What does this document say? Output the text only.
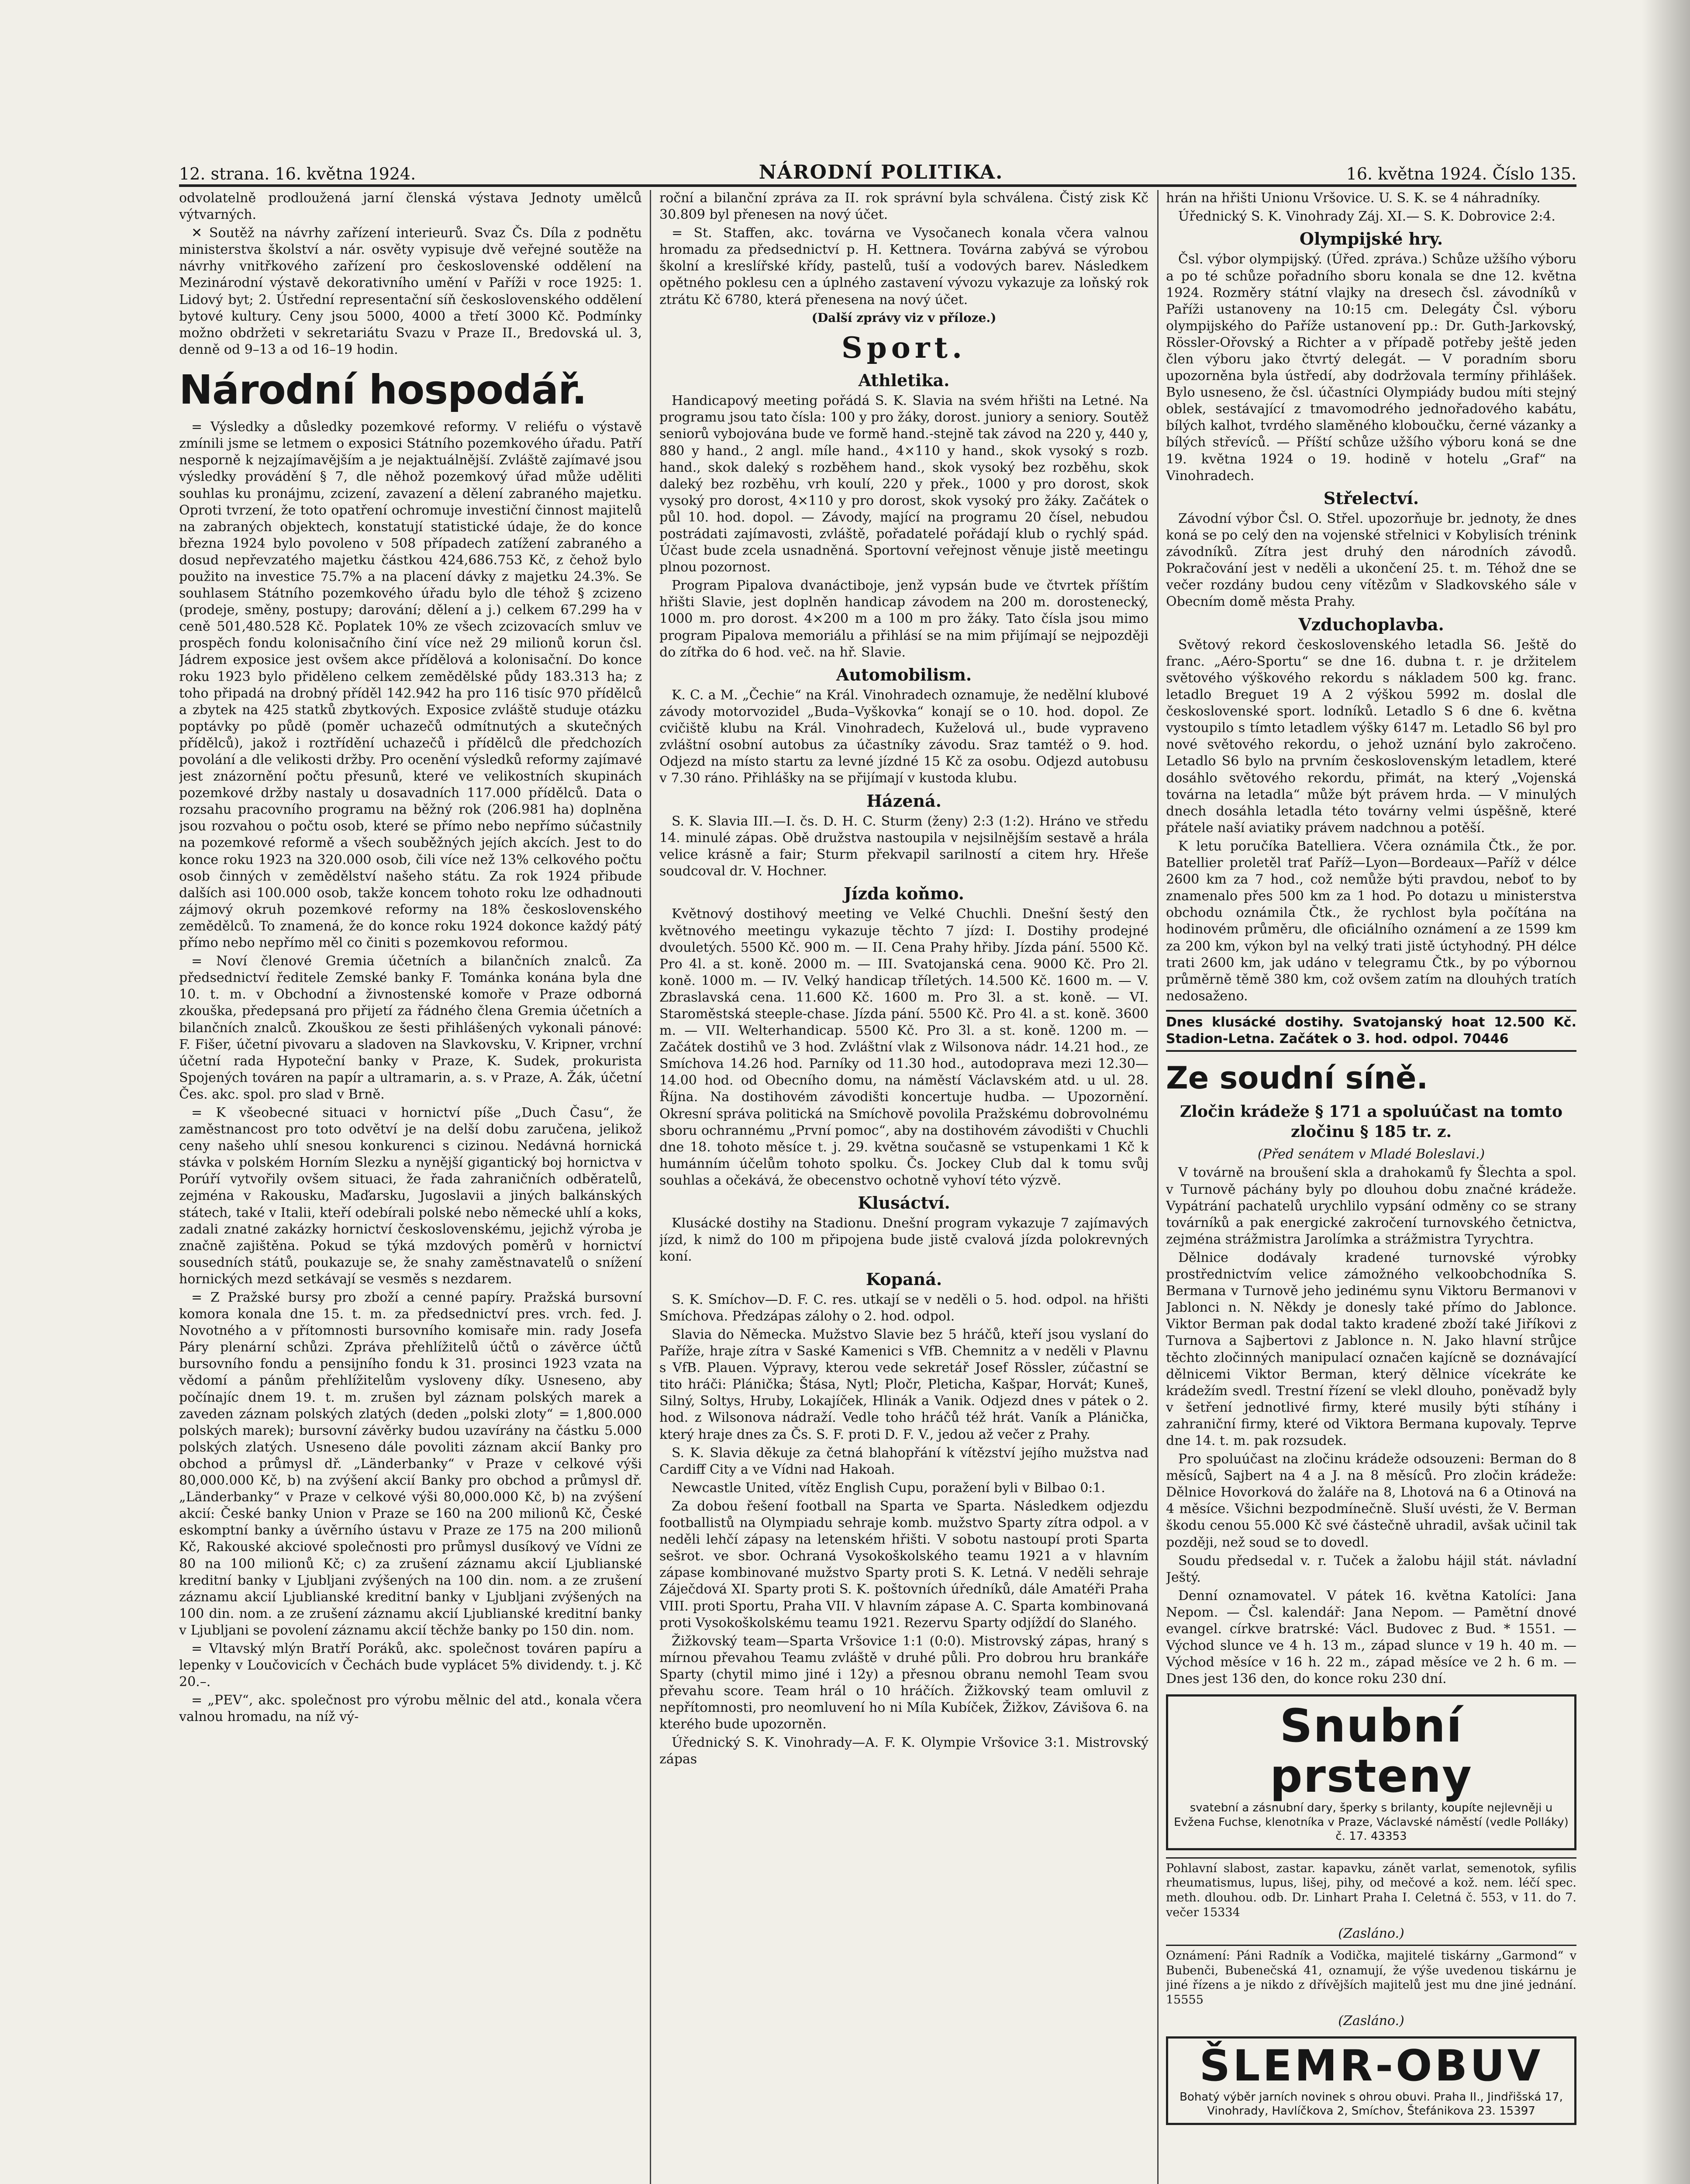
12. strana. 16. května 1924.	NÁRODNÍ POLITIKA.	16. května 1924. Číslo 135.

odvolatelně prodloužená jarní členská výstava Jednoty umělců výtvarných.

✕ Soutěž na návrhy zařízení interieurů. Svaz Čs. Díla z podnětu ministerstva školství a nár. osvěty vypisuje dvě veřejné soutěže na návrhy vnitřkového zařízení pro československé oddělení na Mezinárodní výstavě dekorativního umění v Paříži v roce 1925: 1. Lidový byt; 2. Ústřední representační síň československého oddělení bytové kultury. Ceny jsou 5000, 4000 a třetí 3000 Kč. Podmínky možno obdržeti v sekretariátu Svazu v Praze II., Bredovská ul. 3, denně od 9–13 a od 16–19 hodin.

Národní hospodář.

= Výsledky a důsledky pozemkové reformy. V reliéfu o výstavě zmínili jsme se letmem o exposici Státního pozemkového úřadu. Patří nesporně k nejzajímavějším a je nejaktuálnější. Zvláště zajímavé jsou výsledky provádění § 7, dle něhož pozemkový úřad může uděliti souhlas ku pronájmu, zcizení, zavazení a dělení zabraného majetku. Oproti tvrzení, že toto opatření ochromuje investiční činnost majitelů na zabraných objektech, konstatují statistické údaje, že do konce března 1924 bylo povoleno v 508 případech zatížení zabraného a dosud nepřevzatého majetku částkou 424,686.753 Kč, z čehož bylo použito na investice 75.7% a na placení dávky z majetku 24.3%. Se souhlasem Státního pozemkového úřadu bylo dle téhož § zcizeno (prodeje, směny, postupy; darování; dělení a j.) celkem 67.299 ha v ceně 501,480.528 Kč. Poplatek 10% ze všech zcizovacích smluv ve prospěch fondu kolonisačního činí více než 29 milionů korun čsl. Jádrem exposice jest ovšem akce přídělová a kolonisační. Do konce roku 1923 bylo přiděleno celkem zemědělské půdy 183.313 ha; z toho připadá na drobný příděl 142.942 ha pro 116 tisíc 970 přídělců a zbytek na 425 statků zbytkových. Exposice zvláště studuje otázku poptávky po půdě (poměr uchazečů odmítnutých a skutečných přídělců), jakož i roztřídění uchazečů i přídělců dle předchozích povolání a dle velikosti držby. Pro ocenění výsledků reformy zajímavé jest znázornění počtu přesunů, které ve velikostních skupinách pozemkové držby nastaly u dosavadních 117.000 přídělců. Data o rozsahu pracovního programu na běžný rok (206.981 ha) doplněna jsou rozvahou o počtu osob, které se přímo nebo nepřímo súčastnily na pozemkové reformě a všech souběžných jejích akcích. Jest to do konce roku 1923 na 320.000 osob, čili více než 13% celkového počtu osob činných v zemědělství našeho státu. Za rok 1924 přibude dalších asi 100.000 osob, takže koncem tohoto roku lze odhadnouti zájmový okruh pozemkové reformy na 18% československého zemědělců. To znamená, že do konce roku 1924 dokonce každý pátý přímo nebo nepřímo měl co činiti s pozemkovou reformou.

= Noví členové Gremia účetních a bilančních znalců. Za předsednictví ředitele Zemské banky F. Tománka konána byla dne 10. t. m. v Obchodní a živnostenské komoře v Praze odborná zkouška, předepsaná pro přijetí za řádného člena Gremia účetních a bilančních znalců. Zkouškou ze šesti přihlášených vykonali pánové: F. Fišer, účetní pivovaru a sladoven na Slavkovsku, V. Kripner, vrchní účetní rada Hypoteční banky v Praze, K. Sudek, prokurista Spojených továren na papír a ultramarin, a. s. v Praze, A. Žák, účetní Čes. akc. spol. pro slad v Brně.

= K všeobecné situaci v hornictví píše „Duch Času“, že zaměstnancost pro toto odvětví je na delší dobu zaručena, jelikož ceny našeho uhlí snesou konkurenci s cizinou. Nedávná hornická stávka v polském Horním Slezku a nynější gigantický boj hornictva v Porúří vytvořily ovšem situaci, že řada zahraničních odběratelů, zejména v Rakousku, Maďarsku, Jugoslavii a jiných balkánských státech, také v Italii, kteří odebírali polské nebo německé uhlí a koks, zadali znatné zakázky hornictví československému, jejichž výroba je značně zajištěna. Pokud se týká mzdových poměrů v hornictví sousedních států, poukazuje se, že snahy zaměstnavatelů o snížení hornických mezd setkávají se vesměs s nezdarem.

= Z Pražské bursy pro zboží a cenné papíry. Pražská bursovní komora konala dne 15. t. m. za předsednictví pres. vrch. fed. J. Novotného a v přítomnosti bursovního komisaře min. rady Josefa Páry plenární schůzi. Zpráva přehlížitelů účtů o závěrce účtů bursovního fondu a pensijního fondu k 31. prosinci 1923 vzata na vědomí a pánům přehlížitelům vysloveny díky. Usneseno, aby počínajíc dnem 19. t. m. zrušen byl záznam polských marek a zaveden záznam polských zlatých (deden „polski zloty“ = 1,800.000 polských marek); bursovní závěrky budou uzavírány na částku 5.000 polských zlatých. Usneseno dále povoliti záznam akcií Banky pro obchod a průmysl dř. „Länderbanky“ v Praze v celkové výši 80,000.000 Kč, b) na zvýšení akcií Banky pro obchod a průmysl dř. „Länderbanky“ v Praze v celkové výši 80,000.000 Kč, b) na zvýšení akcií: České banky Union v Praze se 160 na 200 milionů Kč, České eskomptní banky a úvěrního ústavu v Praze ze 175 na 200 milionů Kč, Rakouské akciové společnosti pro průmysl dusíkový ve Vídni ze 80 na 100 milionů Kč; c) za zrušení záznamu akcií Ljublianské kreditní banky v Ljubljani zvýšených na 100 din. nom. a ze zrušení záznamu akcií Ljublianské kreditní banky v Ljubljani zvýšených na 100 din. nom. a ze zrušení záznamu akcií Ljublianské kreditní banky v Ljubljani se povolení záznamu akcií těchže banky po 150 din. nom.

= Vltavský mlýn Bratří Poráků, akc. společnost továren papíru a lepenky v Loučovicích v Čechách bude vyplácet 5% dividendy. t. j. Kč 20.–.

= „PEV“, akc. společnost pro výrobu mělnic del atd., konala včera valnou hromadu, na níž vý-

roční a bilanční zpráva za II. rok správní byla schválena. Čistý zisk Kč 30.809 byl přenesen na nový účet.

= St. Staffen, akc. továrna ve Vysočanech konala včera valnou hromadu za předsednictví p. H. Kettnera. Továrna zabývá se výrobou školní a kreslířské křídy, pastelů, tuší a vodových barev. Následkem opětného poklesu cen a úplného zastavení vývozu vykazuje za loňský rok ztrátu Kč 6780, která přenesena na nový účet.

(Další zprávy viz v příloze.)

Sport.
Athletika.

Handicapový meeting pořádá S. K. Slavia na svém hřišti na Letné. Na programu jsou tato čísla: 100 y pro žáky, dorost. juniory a seniory. Soutěž seniorů vybojována bude ve formě hand.-stejně tak závod na 220 y, 440 y, 880 y hand., 2 angl. míle hand., 4×110 y hand., skok vysoký s rozb. hand., skok daleký s rozběhem hand., skok vysoký bez rozběhu, skok daleký bez rozběhu, vrh koulí, 220 y přek., 1000 y pro dorost, skok vysoký pro dorost, 4×110 y pro dorost, skok vysoký pro žáky. Začátek o půl 10. hod. dopol. — Závody, mající na programu 20 čísel, nebudou postrádati zajímavosti, zvláště, pořadatelé pořádají klub o rychlý spád. Účast bude zcela usnadněná. Sportovní veřejnost věnuje jistě meetingu plnou pozornost.

Program Pipalova dvanáctiboje, jenž vypsán bude ve čtvrtek příštím hřišti Slavie, jest doplněn handicap závodem na 200 m. dorostenecký, 1000 m. pro dorost. 4×200 m a 100 m pro žáky. Tato čísla jsou mimo program Pipalova memoriálu a přihlásí se na mim přijímají se nejpozději do zítřka do 6 hod. več. na hř. Slavie.

Automobilism.

K. C. a M. „Čechie“ na Král. Vinohradech oznamuje, že nedělní klubové závody motorvozidel „Buda–Vyškovka“ konají se o 10. hod. dopol. Ze cvičiště klubu na Král. Vinohradech, Kuželová ul., bude vypraveno zvláštní osobní autobus za účastníky závodu. Sraz tamtéž o 9. hod. Odjezd na místo startu za levné jízdné 15 Kč za osobu. Odjezd autobusu v 7.30 ráno. Přihlášky na se přijímají v kustoda klubu.

Házená.

S. K. Slavia III.—I. čs. D. H. C. Sturm (ženy) 2:3 (1:2). Hráno ve středu 14. minulé zápas. Obě družstva nastoupila v nejsilnějším sestavě a hrála velice krásně a fair; Sturm překvapil sarilností a citem hry. Hřeše soudcoval dr. V. Hochner.

Jízda koňmo.

Květnový dostihový meeting ve Velké Chuchli. Dnešní šestý den květnového meetingu vykazuje těchto 7 jízd: I. Dostihy prodejné dvouletých. 5500 Kč. 900 m. — II. Cena Prahy hřiby. Jízda pání. 5500 Kč. Pro 4l. a st. koně. 2000 m. — III. Svatojanská cena. 9000 Kč. Pro 2l. koně. 1000 m. — IV. Velký handicap tříletých. 14.500 Kč. 1600 m. — V. Zbraslavská cena. 11.600 Kč. 1600 m. Pro 3l. a st. koně. — VI. Staroměstská steeple-chase. Jízda pání. 5500 Kč. Pro 4l. a st. koně. 3600 m. — VII. Welterhandicap. 5500 Kč. Pro 3l. a st. koně. 1200 m. — Začátek dostihů ve 3 hod. Zvláštní vlak z Wilsonova nádr. 14.21 hod., ze Smíchova 14.26 hod. Parníky od 11.30 hod., autodoprava mezi 12.30—14.00 hod. od Obecního domu, na náměstí Václavském atd. u ul. 28. Října. Na dostihovém závodišti koncertuje hudba. — Upozornění. Okresní správa politická na Smíchově povolila Pražskému dobrovolnému sboru ochrannému „První pomoc“, aby na dostihovém závodišti v Chuchli dne 18. tohoto měsíce t. j. 29. května současně se vstupenkami 1 Kč k humánním účelům tohoto spolku. Čs. Jockey Club dal k tomu svůj souhlas a očekává, že obecenstvo ochotně vyhoví této výzvě.

Klusáctví.

Klusácké dostihy na Stadionu. Dnešní program vykazuje 7 zajímavých jízd, k nimž do 100 m připojena bude jistě cvalová jízda polokrevných koní.

Kopaná.

S. K. Smíchov—D. F. C. res. utkají se v neděli o 5. hod. odpol. na hřišti Smíchova. Předzápas zálohy o 2. hod. odpol.

Slavia do Německa. Mužstvo Slavie bez 5 hráčů, kteří jsou vyslaní do Paříže, hraje zítra v Saské Kamenici s VfB. Chemnitz a v neděli v Plavnu s VfB. Plauen. Výpravy, kterou vede sekretář Josef Rössler, zúčastní se tito hráči: Plánička; Štása, Nytl; Pločr, Pleticha, Kašpar, Horvát; Kuneš, Silný, Soltys, Hruby, Lokajíček, Hlinák a Vanik. Odjezd dnes v pátek o 2. hod. z Wilsonova nádraží. Vedle toho hráčů též hrát. Vaník a Plánička, který hraje dnes za Čs. S. F. proti D. F. V., jedou až večer z Prahy.

S. K. Slavia děkuje za četná blahopřání k vítězství jejího mužstva nad Cardiff City a ve Vídni nad Hakoah.

Newcastle United, vítěz English Cupu, poražení byli v Bilbao 0:1.

Za dobou řešení football na Sparta ve Sparta. Následkem odjezdu footballistů na Olympiadu sehraje komb. mužstvo Sparty zítra odpol. a v neděli lehčí zápasy na letenském hřišti. V sobotu nastoupí proti Sparta sešrot. ve sbor. Ochraná Vysokoškolského teamu 1921 a v hlavním zápase kombinované mužstvo Sparty proti S. K. Letná. V neděli sehraje Záječdová XI. Sparty proti S. K. poštovních úředníků, dále Amatéři Praha VIII. proti Sportu, Praha VII. V hlavním zápase A. C. Sparta kombinovaná proti Vysokoškolskému teamu 1921. Rezervu Sparty odjíždí do Slaného.

Žižkovský team—Sparta Vršovice 1:1 (0:0). Mistrovský zápas, hraný s mírnou převahou Teamu zvláště v druhé půli. Pro dobrou hru brankáře Sparty (chytil mimo jiné i 12y) a přesnou obranu nemohl Team svou převahu score. Team hrál o 10 hráčích. Žižkovský team omluvil z nepřítomnosti, pro neomluvení ho ni Míla Kubíček, Žižkov, Závišova 6. na kterého bude upozorněn.

Úřednický S. K. Vinohrady—A. F. K. Olympie Vršovice 3:1. Mistrovský zápas

hrán na hřišti Unionu Vršovice. U. S. K. se 4 náhradníky.

Úřednický S. K. Vinohrady Záj. XI.— S. K. Dobrovice 2:4.

Olympijské hry.

Čsl. výbor olympijský. (Úřed. zpráva.) Schůze užšího výboru a po té schůze pořadního sboru konala se dne 12. května 1924. Rozměry státní vlajky na dresech čsl. závodníků v Paříži ustanoveny na 10:15 cm. Delegáty Čsl. výboru olympijského do Paříže ustanovení pp.: Dr. Guth-Jarkovský, Rössler-Ořovský a Richter a v případě potřeby ještě jeden člen výboru jako čtvrtý delegát. — V poradním sboru upozorněna byla ústředí, aby dodržovala termíny přihlášek. Bylo usneseno, že čsl. účastníci Olympiády budou míti stejný oblek, sestávající z tmavomodrého jednořadového kabátu, bílých kalhot, tvrdého slaměného kloboučku, černé vázanky a bílých střevíců. — Příští schůze užšího výboru koná se dne 19. května 1924 o 19. hodině v hotelu „Graf“ na Vinohradech.

Střelectví.

Závodní výbor Čsl. O. Střel. upozorňuje br. jednoty, že dnes koná se po celý den na vojenské střelnici v Kobylisích trénink závodníků. Zítra jest druhý den národních závodů. Pokračování jest v neděli a ukončení 25. t. m. Téhož dne se večer rozdány budou ceny vítězům v Sladkovského sále v Obecním domě města Prahy.

Vzduchoplavba.

Světový rekord československého letadla S6. Ještě do franc. „Aéro-Sportu“ se dne 16. dubna t. r. je držitelem světového výškového rekordu s nákladem 500 kg. franc. letadlo Breguet 19 A 2 výškou 5992 m. doslal dle československé sport. lodníků. Letadlo S 6 dne 6. května vystoupilo s tímto letadlem výšky 6147 m. Letadlo S6 byl pro nové světového rekordu, o jehož uznání bylo zakročeno. Letadlo S6 bylo na prvním československým letadlem, které dosáhlo světového rekordu, přimát, na který „Vojenská továrna na letadla“ může být právem hrda. — V minulých dnech dosáhla letadla této továrny velmi úspěšně, které přátele naší aviatiky právem nadchnou a potěší.

K letu poručíka Batelliera. Včera oznámila Čtk., že por. Batellier proletěl trať Paříž—Lyon—Bordeaux—Paříž v délce 2600 km za 7 hod., což nemůže býti pravdou, neboť to by znamenalo přes 500 km za 1 hod. Po dotazu u ministerstva obchodu oznámila Čtk., že rychlost byla počítána na hodinovém průměru, dle oficiálního oznámení a ze 1599 km za 200 km, výkon byl na velký trati jistě úctyhodný. PH délce trati 2600 km, jak udáno v telegramu Čtk., by po výbornou průměrně těmě 380 km, což ovšem zatím na dlouhých tratích nedosaženo.

Dnes klusácké dostihy. Svatojanský hoat 12.500 Kč. Stadion-Letna. Začátek o 3. hod. odpol. 70446
Ze soudní síně.
Zločin krádeže § 171 a spoluúčast na tomto zločinu § 185 tr. z.

(Před senátem v Mladé Boleslavi.)

V továrně na broušení skla a drahokamů fy Šlechta a spol. v Turnově páchány byly po dlouhou dobu značné krádeže. Vypátrání pachatelů urychlilo vypsání odměny co se strany továrníků a pak energické zakročení turnovského četnictva, zejména strážmistra Jarolímka a strážmistra Tyrychtra.

Dělnice dodávaly kradené turnovské výrobky prostřednictvím velice zámožného velkoobchodníka S. Bermana v Turnově jeho jedinému synu Viktoru Bermanovi v Jablonci n. N. Někdy je donesly také přímo do Jablonce. Viktor Berman pak dodal takto kradené zboží také Jiříkovi z Turnova a Sajbertovi z Jablonce n. N. Jako hlavní strůjce těchto zločinných manipulací označen kajícně se doznávající dělnicemi Viktor Berman, který dělnice vícekráte ke krádežím svedl. Trestní řízení se vlekl dlouho, poněvadž byly v šetření jednotlivé firmy, které musily býti stíhány i zahraniční firmy, které od Viktora Bermana kupovaly. Teprve dne 14. t. m. pak rozsudek.

Pro spoluúčast na zločinu krádeže odsouzeni: Berman do 8 měsíců, Sajbert na 4 a J. na 8 měsíců. Pro zločin krádeže: Dělnice Hovorková do žaláře na 8, Lhotová na 6 a Otinová na 4 měsíce. Všichni bezpodmínečně. Sluší uvésti, že V. Berman škodu cenou 55.000 Kč své částečně uhradil, avšak učinil tak později, než soud se to dovedl.

Soudu předsedal v. r. Tuček a žalobu hájil stát. návladní Ještý.

Denní oznamovatel. V pátek 16. května Katolíci: Jana Nepom. — Čsl. kalendář: Jana Nepom. — Pamětní dnové evangel. církve bratrské: Václ. Budovec z Bud. * 1551. — Východ slunce ve 4 h. 13 m., západ slunce v 19 h. 40 m. — Východ měsíce v 16 h. 22 m., západ měsíce ve 2 h. 6 m. — Dnes jest 136 den, do konce roku 230 dní.

Snubní prsteny
svatební a zásnubní dary, šperky s brilanty, koupíte nejlevněji u Evžena Fuchse, klenotníka v Praze, Václavské náměstí (vedle Polláky) č. 17. 43353
Pohlavní slabost, zastar. kapavku, zánět varlat, semenotok, syfilis rheumatismus, lupus, lišej, pihy, od mečové a kož. nem. léčí spec. meth. dlouhou. odb. Dr. Linhart Praha I. Celetná č. 553, v 11. do 7. večer 15334

(Zasláno.)

Oznámení: Páni Radník a Vodička, majitelé tiskárny „Garmond“ v Bubenči, Bubenečská 41, oznamují, že výše uvedenou tiskárnu je jiné řízens a je nikdo z dřívějších majitelů jest mu dne jiné jednání. 15555

(Zasláno.)

ŠLEMR-OBUV
Bohatý výběr jarních novinek s ohrou obuvi. Praha II., Jindřišská 17, Vinohrady, Havlíčkova 2, Smíchov, Štefánikova 23. 15397
